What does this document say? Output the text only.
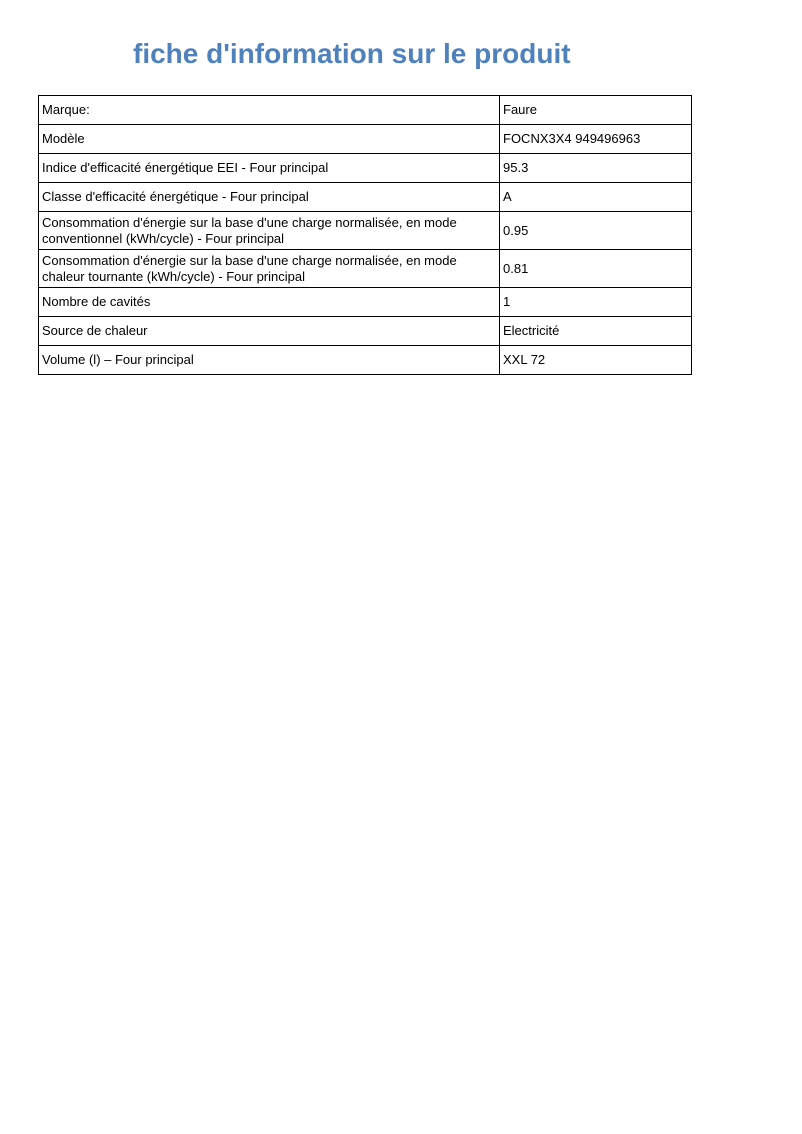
fiche d'information sur le produit
Marque:	Faure
Modèle	FOCNX3X4 949496963
Indice d'efficacité énergétique EEI - Four principal	95.3
Classe d'efficacité énergétique - Four principal	A
Consommation d'énergie sur la base d'une charge normalisée, en mode conventionnel (kWh/cycle) - Four principal	0.95
Consommation d'énergie sur la base d'une charge normalisée, en mode chaleur tournante (kWh/cycle) - Four principal	0.81
Nombre de cavités	1
Source de chaleur	Electricité
Volume (l) – Four principal	XXL 72
